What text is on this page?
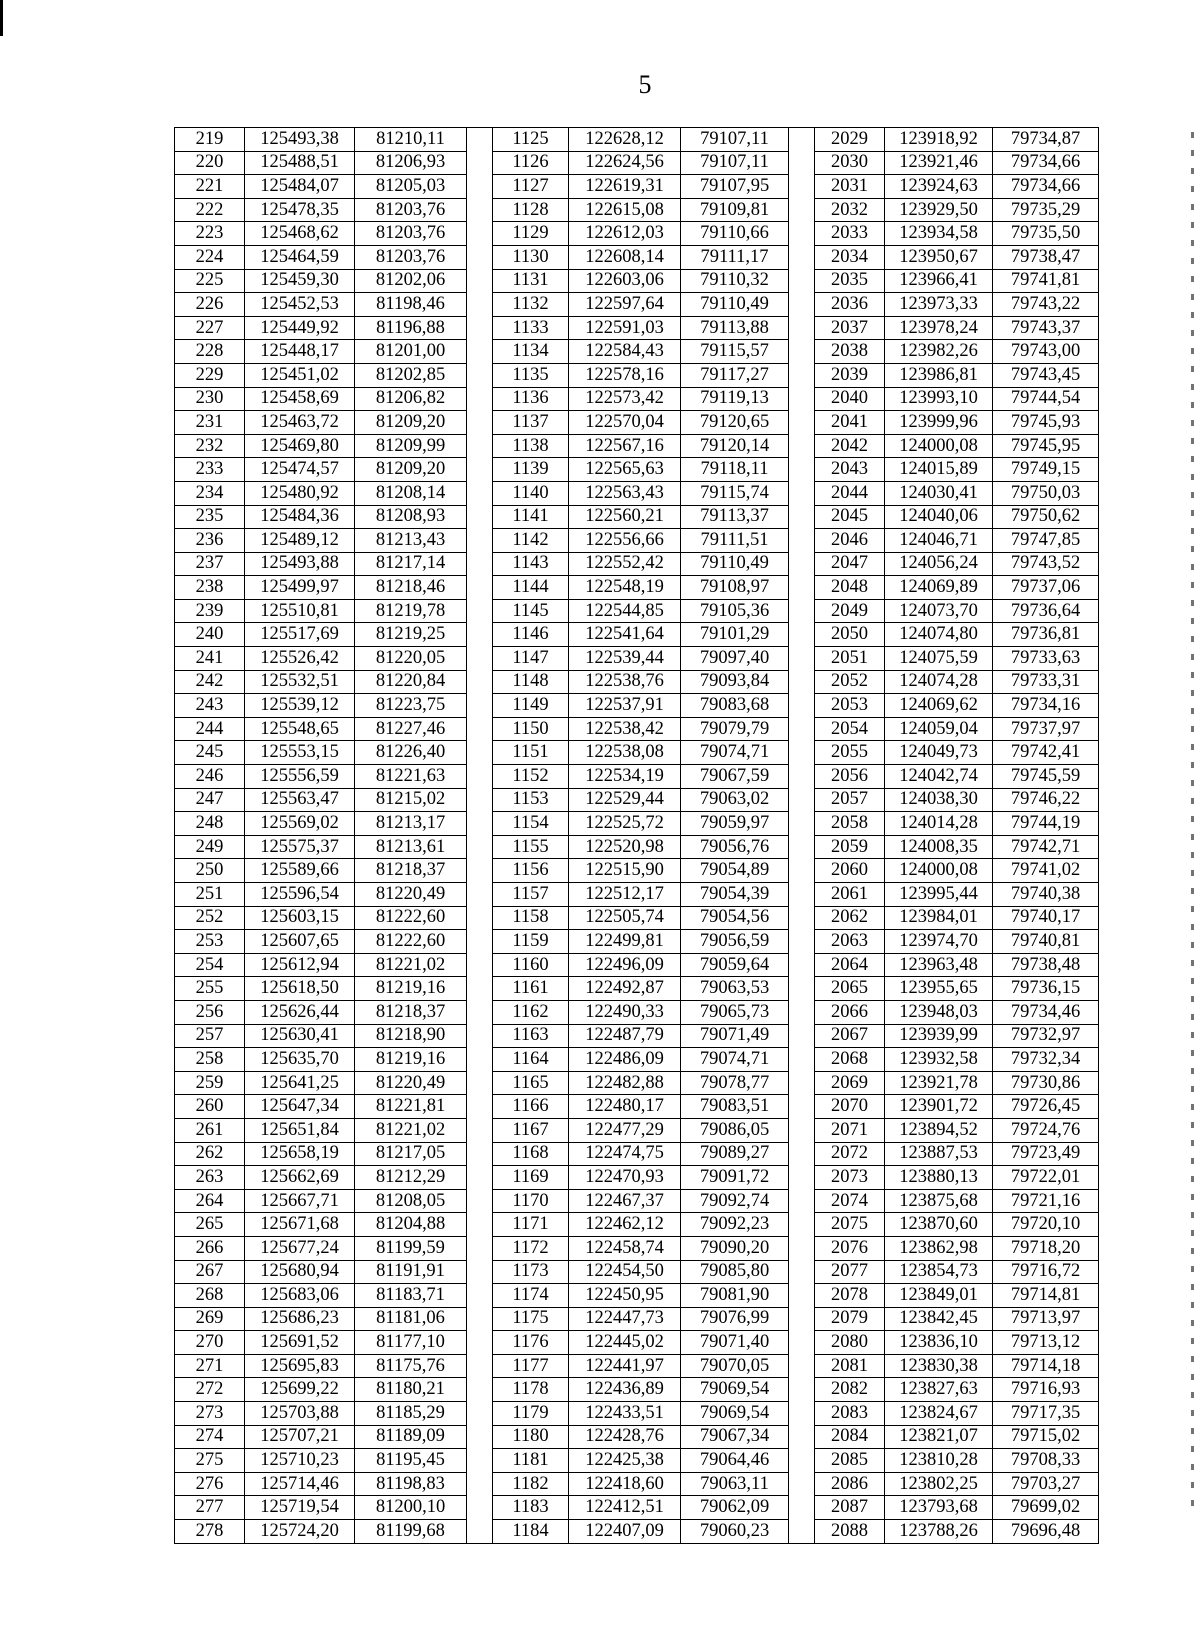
5
219	125493,38	81210,11		1125	122628,12	79107,11		2029	123918,92	79734,87
220	125488,51	81206,93		1126	122624,56	79107,11		2030	123921,46	79734,66
221	125484,07	81205,03		1127	122619,31	79107,95		2031	123924,63	79734,66
222	125478,35	81203,76		1128	122615,08	79109,81		2032	123929,50	79735,29
223	125468,62	81203,76		1129	122612,03	79110,66		2033	123934,58	79735,50
224	125464,59	81203,76		1130	122608,14	79111,17		2034	123950,67	79738,47
225	125459,30	81202,06		1131	122603,06	79110,32		2035	123966,41	79741,81
226	125452,53	81198,46		1132	122597,64	79110,49		2036	123973,33	79743,22
227	125449,92	81196,88		1133	122591,03	79113,88		2037	123978,24	79743,37
228	125448,17	81201,00		1134	122584,43	79115,57		2038	123982,26	79743,00
229	125451,02	81202,85		1135	122578,16	79117,27		2039	123986,81	79743,45
230	125458,69	81206,82		1136	122573,42	79119,13		2040	123993,10	79744,54
231	125463,72	81209,20		1137	122570,04	79120,65		2041	123999,96	79745,93
232	125469,80	81209,99		1138	122567,16	79120,14		2042	124000,08	79745,95
233	125474,57	81209,20		1139	122565,63	79118,11		2043	124015,89	79749,15
234	125480,92	81208,14		1140	122563,43	79115,74		2044	124030,41	79750,03
235	125484,36	81208,93		1141	122560,21	79113,37		2045	124040,06	79750,62
236	125489,12	81213,43		1142	122556,66	79111,51		2046	124046,71	79747,85
237	125493,88	81217,14		1143	122552,42	79110,49		2047	124056,24	79743,52
238	125499,97	81218,46		1144	122548,19	79108,97		2048	124069,89	79737,06
239	125510,81	81219,78		1145	122544,85	79105,36		2049	124073,70	79736,64
240	125517,69	81219,25		1146	122541,64	79101,29		2050	124074,80	79736,81
241	125526,42	81220,05		1147	122539,44	79097,40		2051	124075,59	79733,63
242	125532,51	81220,84		1148	122538,76	79093,84		2052	124074,28	79733,31
243	125539,12	81223,75		1149	122537,91	79083,68		2053	124069,62	79734,16
244	125548,65	81227,46		1150	122538,42	79079,79		2054	124059,04	79737,97
245	125553,15	81226,40		1151	122538,08	79074,71		2055	124049,73	79742,41
246	125556,59	81221,63		1152	122534,19	79067,59		2056	124042,74	79745,59
247	125563,47	81215,02		1153	122529,44	79063,02		2057	124038,30	79746,22
248	125569,02	81213,17		1154	122525,72	79059,97		2058	124014,28	79744,19
249	125575,37	81213,61		1155	122520,98	79056,76		2059	124008,35	79742,71
250	125589,66	81218,37		1156	122515,90	79054,89		2060	124000,08	79741,02
251	125596,54	81220,49		1157	122512,17	79054,39		2061	123995,44	79740,38
252	125603,15	81222,60		1158	122505,74	79054,56		2062	123984,01	79740,17
253	125607,65	81222,60		1159	122499,81	79056,59		2063	123974,70	79740,81
254	125612,94	81221,02		1160	122496,09	79059,64		2064	123963,48	79738,48
255	125618,50	81219,16		1161	122492,87	79063,53		2065	123955,65	79736,15
256	125626,44	81218,37		1162	122490,33	79065,73		2066	123948,03	79734,46
257	125630,41	81218,90		1163	122487,79	79071,49		2067	123939,99	79732,97
258	125635,70	81219,16		1164	122486,09	79074,71		2068	123932,58	79732,34
259	125641,25	81220,49		1165	122482,88	79078,77		2069	123921,78	79730,86
260	125647,34	81221,81		1166	122480,17	79083,51		2070	123901,72	79726,45
261	125651,84	81221,02		1167	122477,29	79086,05		2071	123894,52	79724,76
262	125658,19	81217,05		1168	122474,75	79089,27		2072	123887,53	79723,49
263	125662,69	81212,29		1169	122470,93	79091,72		2073	123880,13	79722,01
264	125667,71	81208,05		1170	122467,37	79092,74		2074	123875,68	79721,16
265	125671,68	81204,88		1171	122462,12	79092,23		2075	123870,60	79720,10
266	125677,24	81199,59		1172	122458,74	79090,20		2076	123862,98	79718,20
267	125680,94	81191,91		1173	122454,50	79085,80		2077	123854,73	79716,72
268	125683,06	81183,71		1174	122450,95	79081,90		2078	123849,01	79714,81
269	125686,23	81181,06		1175	122447,73	79076,99		2079	123842,45	79713,97
270	125691,52	81177,10		1176	122445,02	79071,40		2080	123836,10	79713,12
271	125695,83	81175,76		1177	122441,97	79070,05		2081	123830,38	79714,18
272	125699,22	81180,21		1178	122436,89	79069,54		2082	123827,63	79716,93
273	125703,88	81185,29		1179	122433,51	79069,54		2083	123824,67	79717,35
274	125707,21	81189,09		1180	122428,76	79067,34		2084	123821,07	79715,02
275	125710,23	81195,45		1181	122425,38	79064,46		2085	123810,28	79708,33
276	125714,46	81198,83		1182	122418,60	79063,11		2086	123802,25	79703,27
277	125719,54	81200,10		1183	122412,51	79062,09		2087	123793,68	79699,02
278	125724,20	81199,68		1184	122407,09	79060,23		2088	123788,26	79696,48
